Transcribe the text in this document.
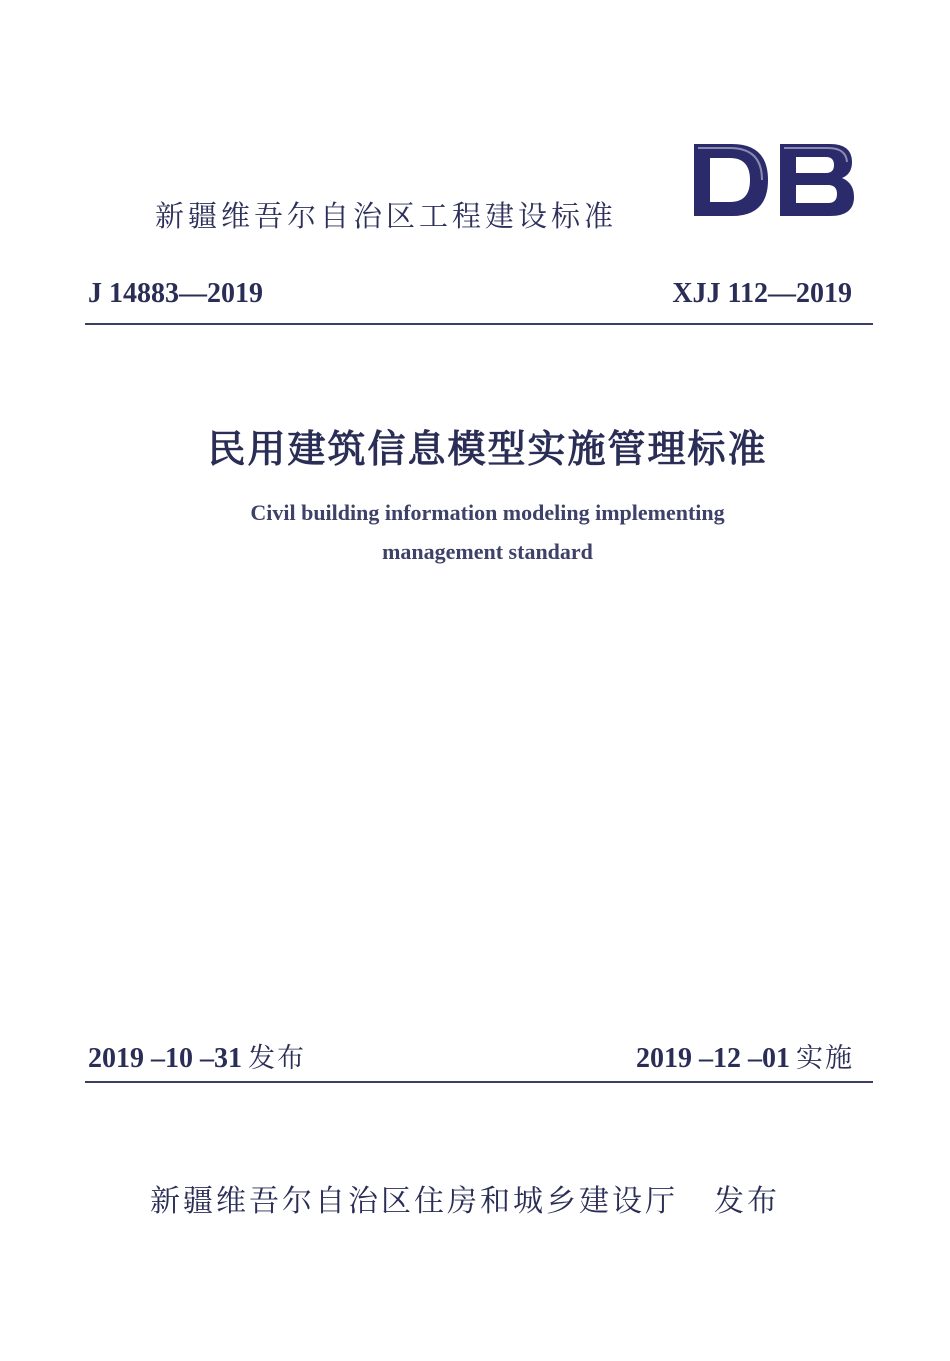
新疆维吾尔自治区工程建设标准
J 14883—2019	XJJ 112—2019
民用建筑信息模型实施管理标准
Civil building information modeling implementing
management standard
2019 –10 –31 发布	2019 –12 –01 实施
新疆维吾尔自治区住房和城乡建设厅 发布
